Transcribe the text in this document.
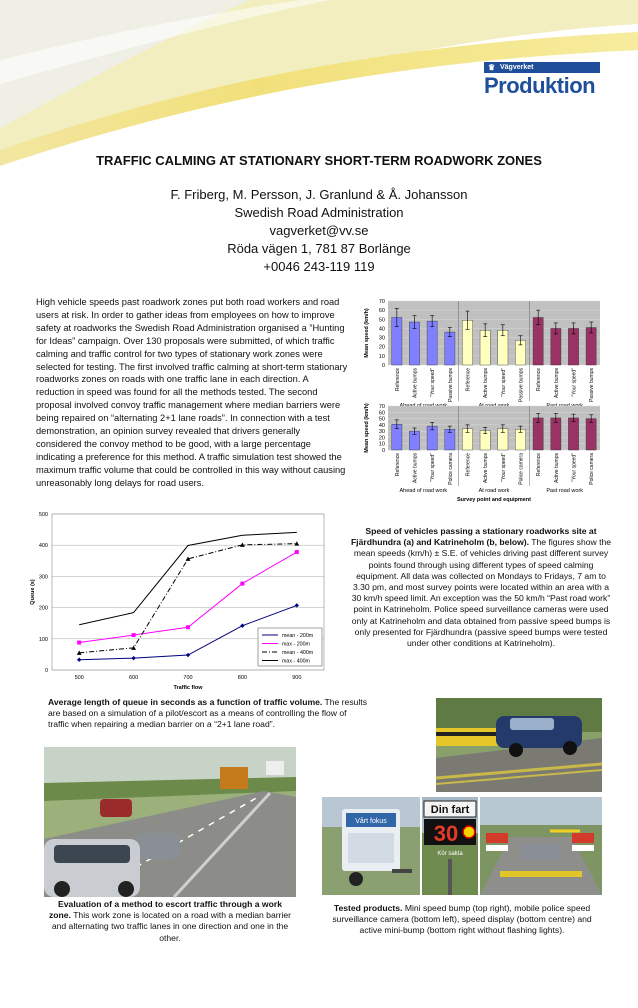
♛ Vägverket
Produktion
TRAFFIC CALMING AT STATIONARY SHORT-TERM ROADWORK ZONES
F. Friberg, M. Persson, J. Granlund & Å. Johansson
Swedish Road Administration
vagverket@vv.se
Röda vägen 1, 781 87 Borlänge
+0046 243-119 119
High vehicle speeds past roadwork zones put both road workers and road users at risk. In order to gather ideas from employees on how to improve safety at roadworks the Swedish Road Administration organised a ”Hunting for Ideas” campaign. Over 130 proposals were submitted, of which traffic calming and traffic control for two types of stationary work zones were selected for testing. The first involved traffic calming at short-term stationary roadworks zones on roads with one traffic lane in each direction. A reduction in speed was found for all the methods tested. The second proposal involved convoy traffic management where median barriers were being repaired on “alternating 2+1 lane roads”. In connection with a test demonstration, an opinion survey revealed that drivers generally considered the convoy method to be good, with a large percentage indicating a preference for this method. A traffic simulation test showed the maximum traffic volume that could be controlled in this way without causing unreasonably long delays for road users.
0
10
20
30
40
50
60
70
Mean speed (km/h)
Reference Active bumps "Your speed" Passive bumps Reference Active bumps "Your speed" Passive bumps Reference Active bumps "Your speed" Passive bumps
0
10
20
30
40
50
60
70
Mean speed (km/h)
Reference Active bumps "Your speed" Police camera Reference Active bumps "Your speed" Police camera Reference Active bumps "Your speed" Police camera
Ahead of road work	At road work	Past road work
Survey point and equipment
0
100
200
300
400
500
500	600	700	800	900
Traffic flow
Queue (s)
mean - 200m
max - 200m
mean - 400m
max - 400m
Speed of vehicles passing a stationary roadworks site at Fjärdhundra (a) and Katrineholm (b, below). The figures show the mean speeds (km/h) ± S.E. of vehicles driving past different survey points found through using different types of speed calming equipment. All data was collected on Mondays to Fridays, 7 am to 3.30 pm, and most survey points were located within an area with a 30 km/h speed limit. An exception was the 50 km/h “Past road work” point in Katrineholm. Police speed surveillance cameras were used only at Katrineholm and data obtained from passive speed bumps is only presented for Fjärdhundra (passive speed bumps were tested under other conditions at Katrineholm).
Average length of queue in seconds as a function of traffic volume. The results are based on a simulation of a pilot/escort as a means of controlling the flow of traffic when repairing a median barrier on a “2+1 lane road”.
Vårt fokus
Din fart
30
Kör sakta
Evaluation of a method to escort traffic through a work zone. This work zone is located on a road with a median barrier and alternating two traffic lanes in one direction and one in the other.
Tested products. Mini speed bump (top right), mobile police speed surveillance camera (bottom left), speed display (bottom centre) and active mini-bump (bottom right without flashing lights).
